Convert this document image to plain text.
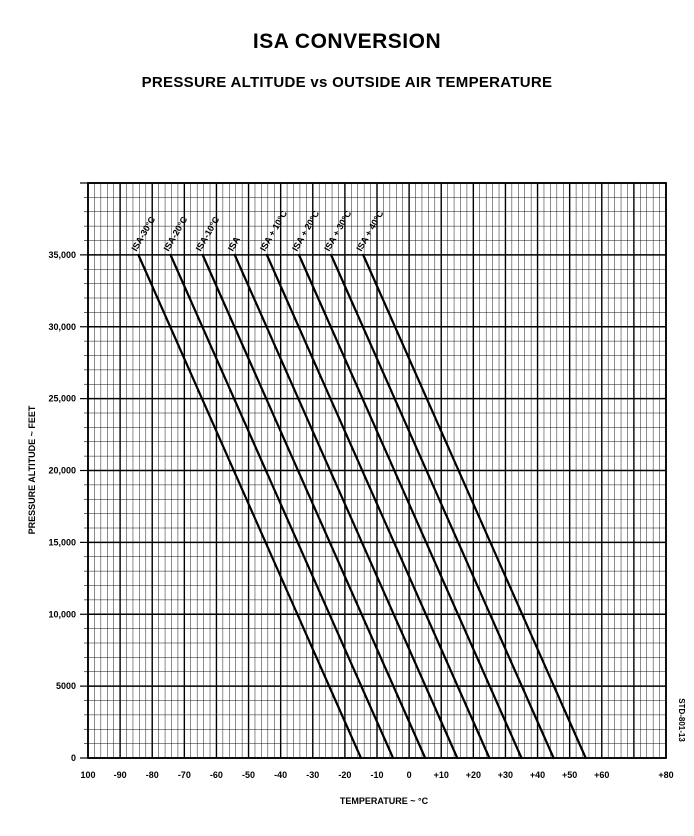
ISA CONVERSION
PRESSURE ALTITUDE vs OUTSIDE AIR TEMPERATURE
ISA-30°C ISA-20°C ISA-10°C ISA ISA + 10°C ISA + 20°C ISA + 30°C ISA + 40°C
100 -90 -80 -70 -60 -50 -40 -30 -20 -10	0 +10 +20 +30 +40 +50 +60	+80
0
5000
10,000
15,000
20,000
25,000
30,000
35,000
TEMPERATURE ~ °C
PRESSURE ALTITUDE ~ FEET
STD-801-13
